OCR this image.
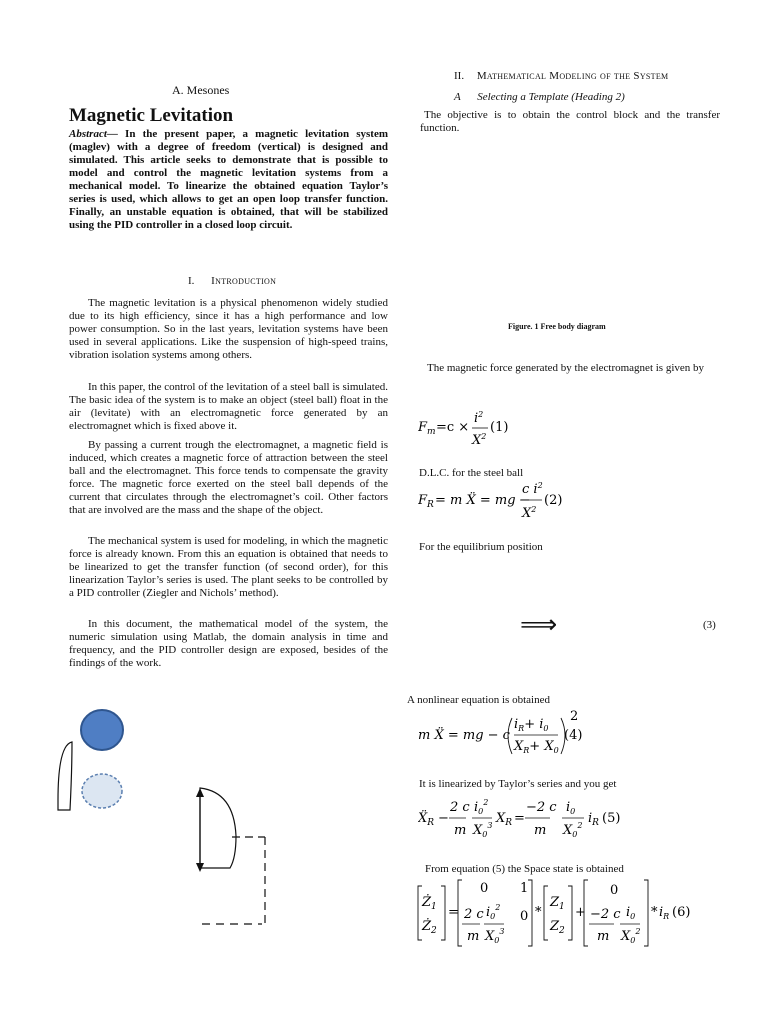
A. Mesones
Magnetic Levitation
Abstract— In the present paper, a magnetic levitation system (maglev) with a degree of freedom (vertical) is designed and simulated. This article seeks to demonstrate that is possible to model and control the magnetic levitation systems from a mechanical model. To linearize the obtained equation Taylor’s series is used, which allows to get an open loop transfer function. Finally, an unstable equation is obtained, that will be stabilized using the PID controller in a closed loop circuit.
I. Introduction
The magnetic levitation is a physical phenomenon widely studied due to its high efficiency, since it has a high performance and low power consumption. So in the last years, levitation systems have been used in several applications. Like the suspension of high-speed trains, vibration isolation systems among others.
In this paper, the control of the levitation of a steel ball is simulated. The basic idea of the system is to make an object (steel ball) float in the air (levitate) with an electromagnetic force generated by an electromagnet which is fixed above it.
By passing a current trough the electromagnet, a magnetic field is induced, which creates a magnetic force of attraction between the steel ball and the electromagnet. This force tends to compensate the gravity force. The magnetic force exerted on the steel ball depends of the current that circulates through the electromagnet’s coil. Other factors that are involved are the mass and the shape of the object.
The mechanical system is used for modeling, in which the magnetic force is already known. From this an equation is obtained that needs to be linearized to get the transfer function (of second order), for this linearization Taylor’s series is used. The plant seeks to be controlled by a PID controller (Ziegler and Nichols’ method).
In this document, the mathematical model of the system, the numeric simulation using Matlab, the domain analysis in time and frequency, and the PID controller design are exposed, besides of the findings of the work.
II. Mathematical Modeling of the System
A Selecting a Template (Heading 2)
The objective is to obtain the control block and the transfer function.
Figure. 1 Free body diagram
The magnetic force generated by the electromagnet is given by
$F_m =c$ ×
$i^2$
$X^2$
(1)
D.L.C. for the steel ball
$F_R = m$ Ẍ = mg −
c $i^2$
$X^2$
(2)
For the equilibrium position
⟹	(3)
A nonlinear equation is obtained
m Ẍ = mg − c
$i_R+ i_0$
$X_R+ X_0$
2
(4)
It is linearized by Taylor’s series and you get
Ẍ$_R$ −
2 c
m
$i_0^2$
$X_0^3$ $X_R$ =
−2 c
m
$i_0$
$X_0^2$ $i_R$ (5)
From equation (5) the Space state is obtained
$Ż_1$
$Ż_2$
=
0 1
2 c
m
$i_0^2$
$X_0^3$
0 *
$Z_1$
$Z_2$
+
0
−2 c
m
$i_0$
$X_0^2$
* $i_R$ (6)
